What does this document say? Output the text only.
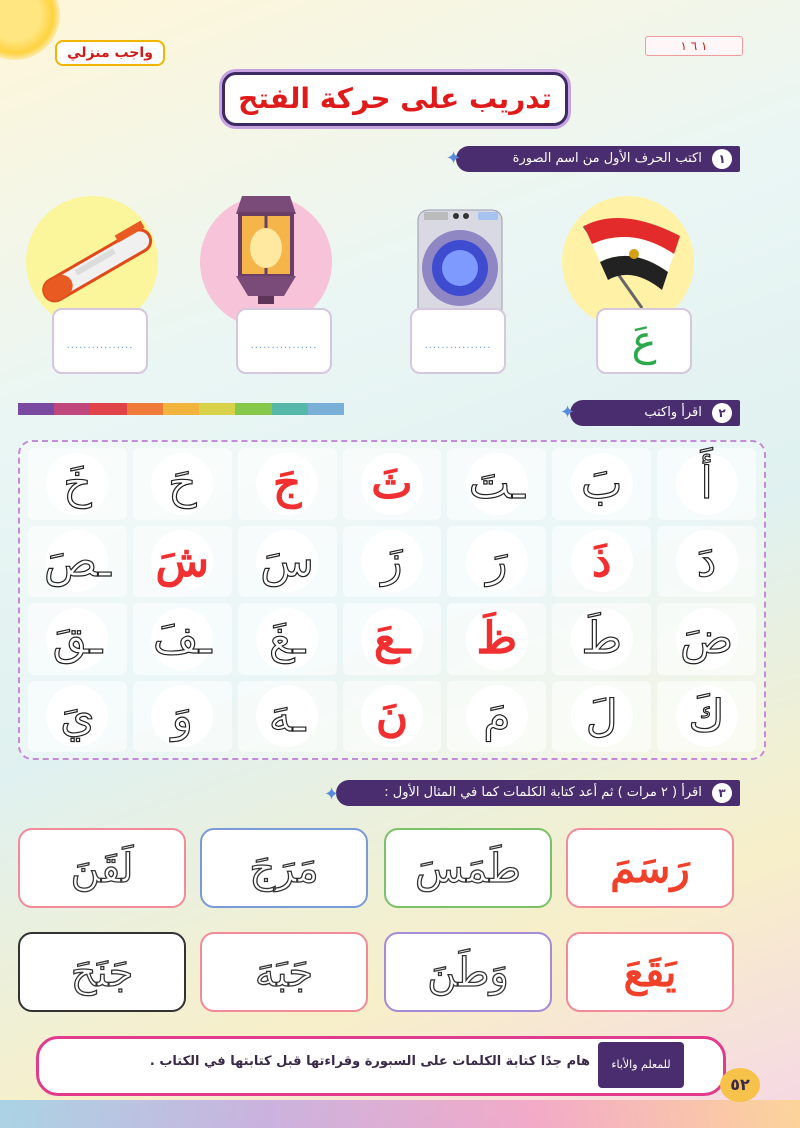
واجب منزلي	١ ٦ ١
تدريب على حركة الفتح
١ اكتب الحرف الأول من اسم الصورة
✦
عَ
................
................
................
٢ اقرأ واكتب
✦
خَ حَ جَ ثَ ـتَ بَ أَ
ـصَ شَ سَ زَ رَ ذَ دَ
ـقَ ـفَ ـغَ ـعَ ظَ طَ ضَ
يَ وَ ـهَ نَ مَ لَ كَ
٣ اقرأ ( ٢ مرات ) ثم أعد كتابة الكلمات كما في المثال الأول :
✦
رَسَمَ
طَمَسَ
مَرَجَ
لَقَنَ
يَقَعَ
وَطَنَ
جَبَهَ
جَنَحَ
للمعلم والأباء
هام جدًا كتابة الكلمات على السبورة وقراءتها قبل كتابتها في الكتاب .
٥٢
